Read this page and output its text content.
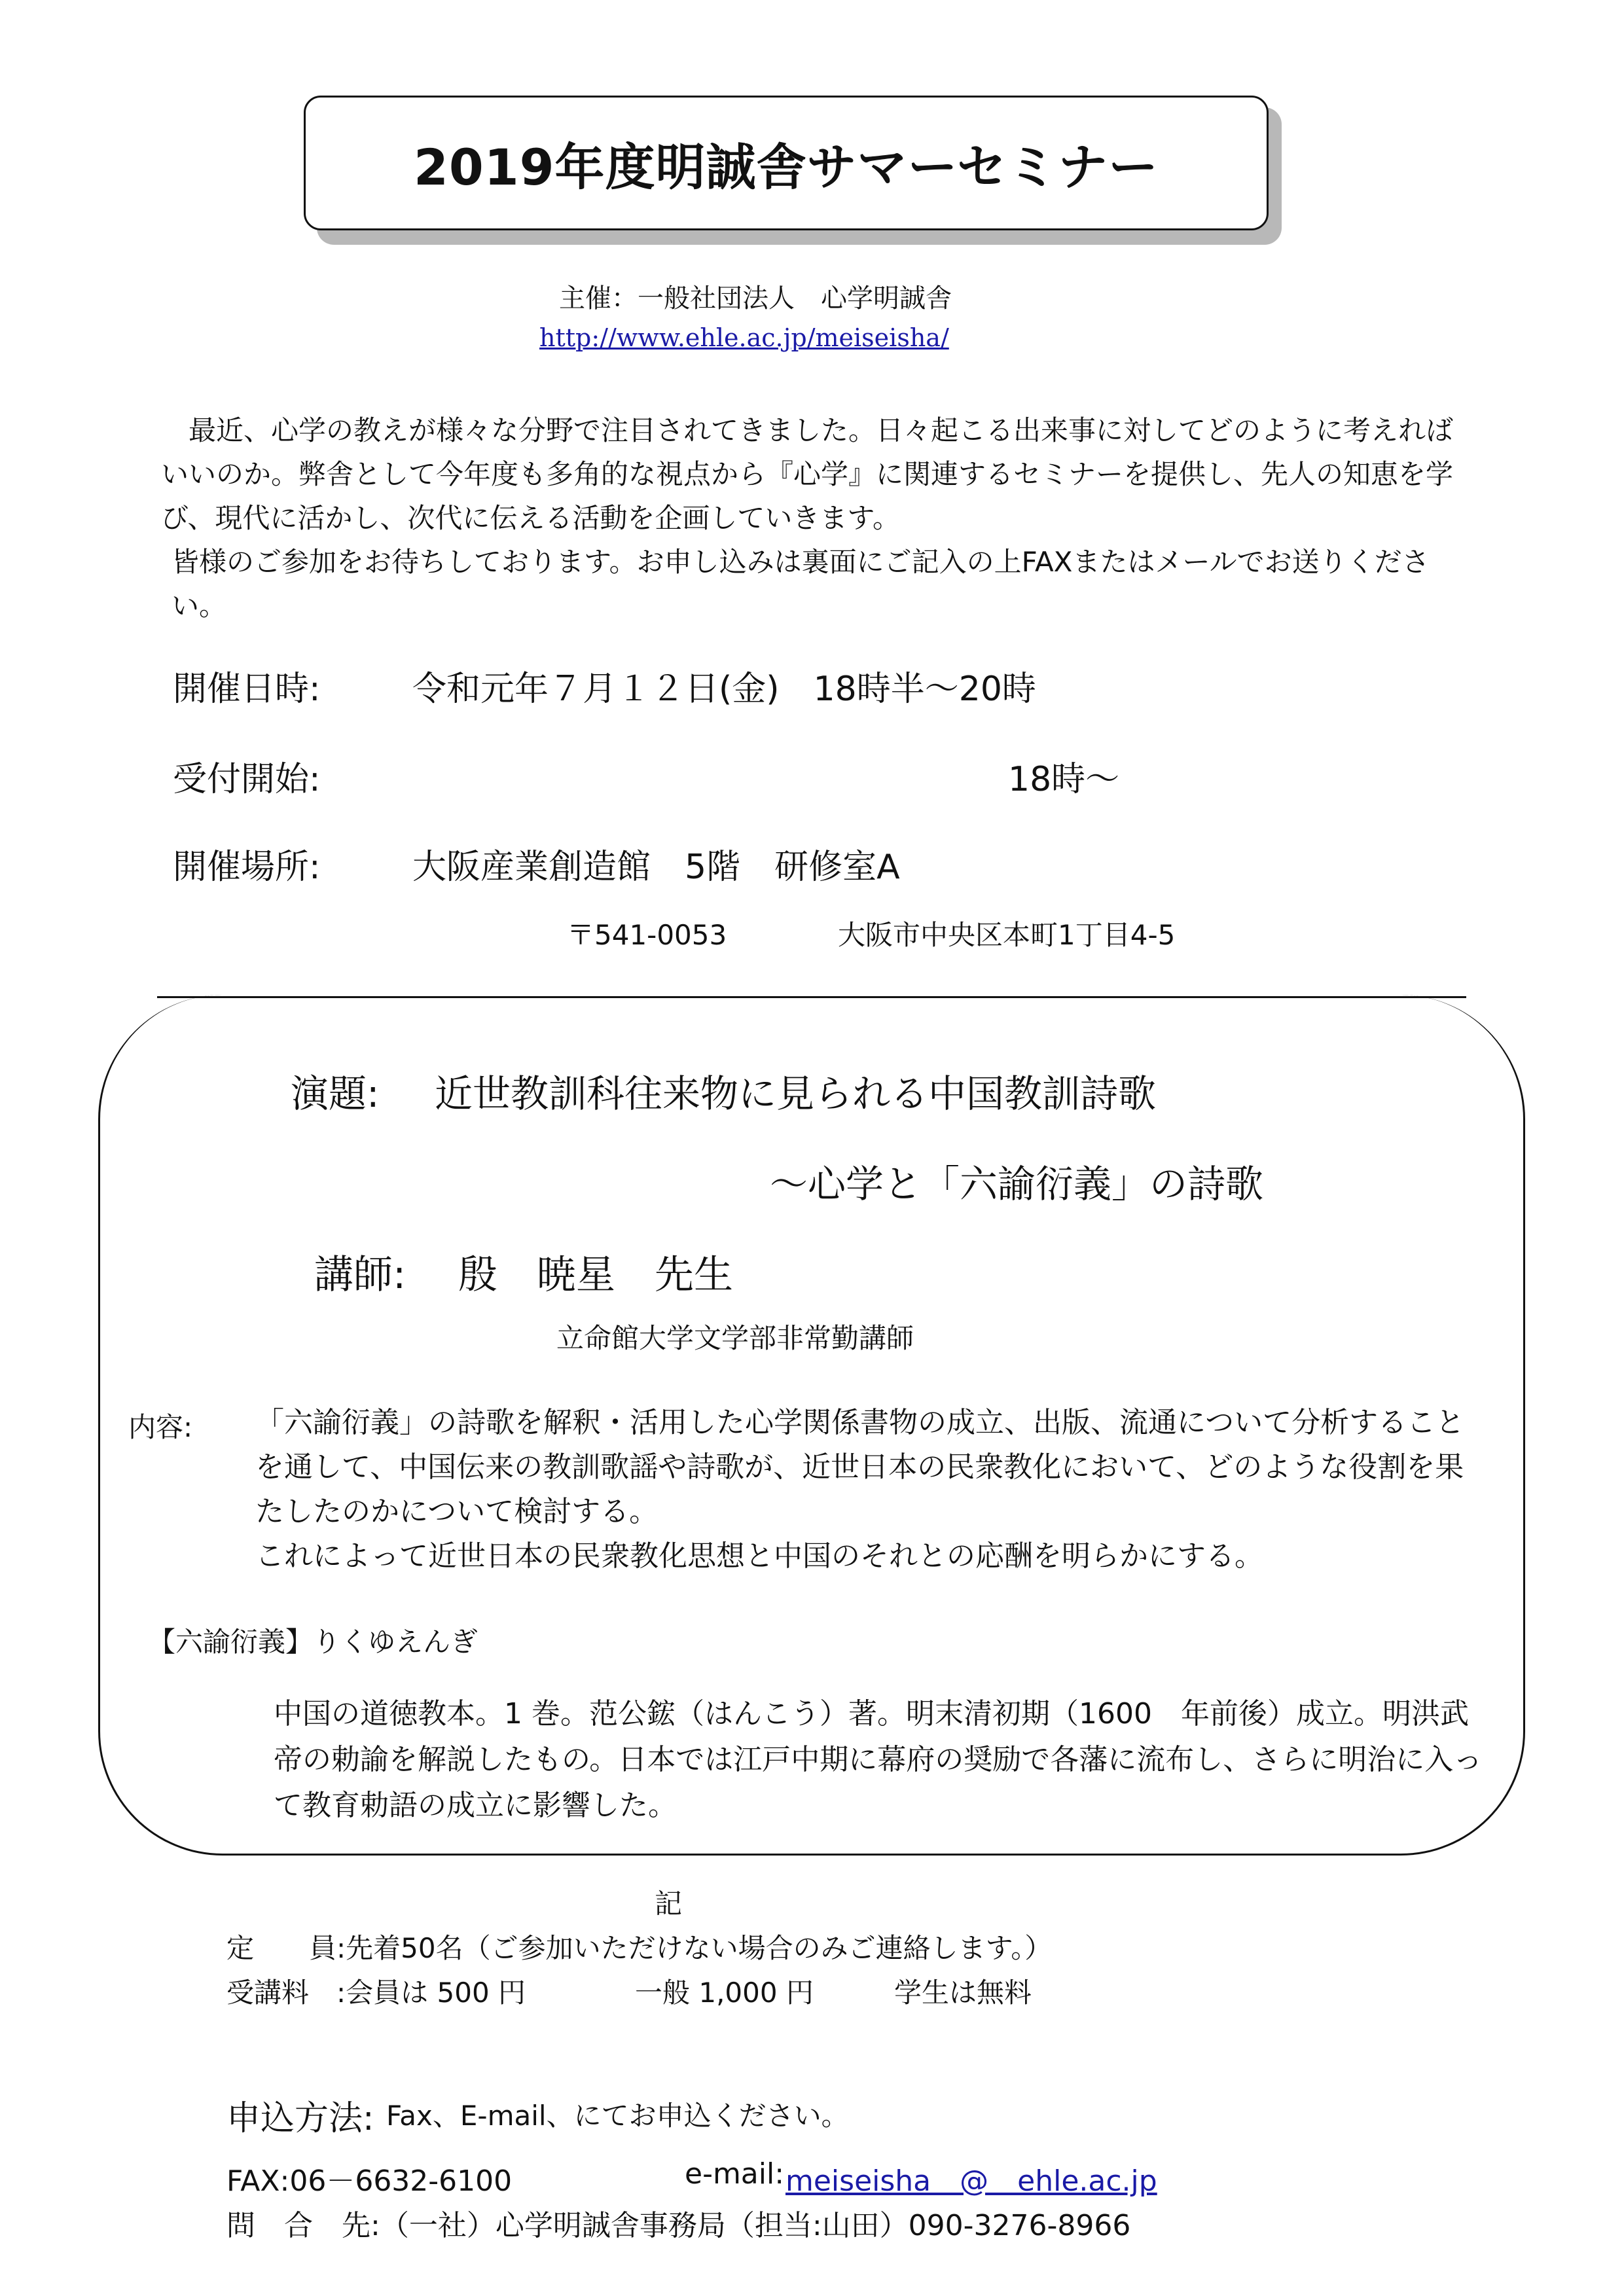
2019年度明誠舎サマーセミナー
主催：一般社団法人　心学明誠舎
http://www.ehle.ac.jp/meiseisha/

最近、心学の教えが様々な分野で注目されてきました。日々起こる出来事に対してどのように考えればいいのか。弊舎として今年度も多角的な視点から『心学』に関連するセミナーを提供し、先人の知恵を学び、現代に活かし、次代に伝える活動を企画していきます。

皆様のご参加をお待ちしております。お申し込みは裏面にご記入の上FAXまたはメールでお送りください。

開催日時:	令和元年７月１２日(金)　18時半～20時
受付開始:	18時～
開催場所:	大阪産業創造館　5階　研修室A
〒541-0053	大阪市中央区本町1丁目4-5
演題: 近世教訓科往来物に見られる中国教訓詩歌
～心学と「六諭衍義」の詩歌
講師: 殷　暁星　先生
立命館大学文学部非常勤講師
内容: 「六諭衍義」の詩歌を解釈・活用した心学関係書物の成立、出版、流通について分析することを通して、中国伝来の教訓歌謡や詩歌が、近世日本の民衆教化において、どのような役割を果たしたのかについて検討する。

これによって近世日本の民衆教化思想と中国のそれとの応酬を明らかにする。

【六諭衍義】りくゆえんぎ
中国の道徳教本。1 巻。范公鋐（はんこう）著。明末清初期（1600　年前後）成立。明洪武帝の勅諭を解説したもの。日本では江戸中期に幕府の奨励で各藩に流布し、さらに明治に入って教育勅語の成立に影響した。
記
定　　員:先着50名（ご参加いただけない場合のみご連絡します。）
受講料　:会員は 500 円	一般 1,000 円	学生は無料
申込方法: Fax、E-mail、にてお申込ください。
FAX:06－6632-6100	e-mail: meiseisha　@　ehle.ac.jp
問　合　先:（一社）心学明誠舎事務局（担当:山田）090-3276-8966
